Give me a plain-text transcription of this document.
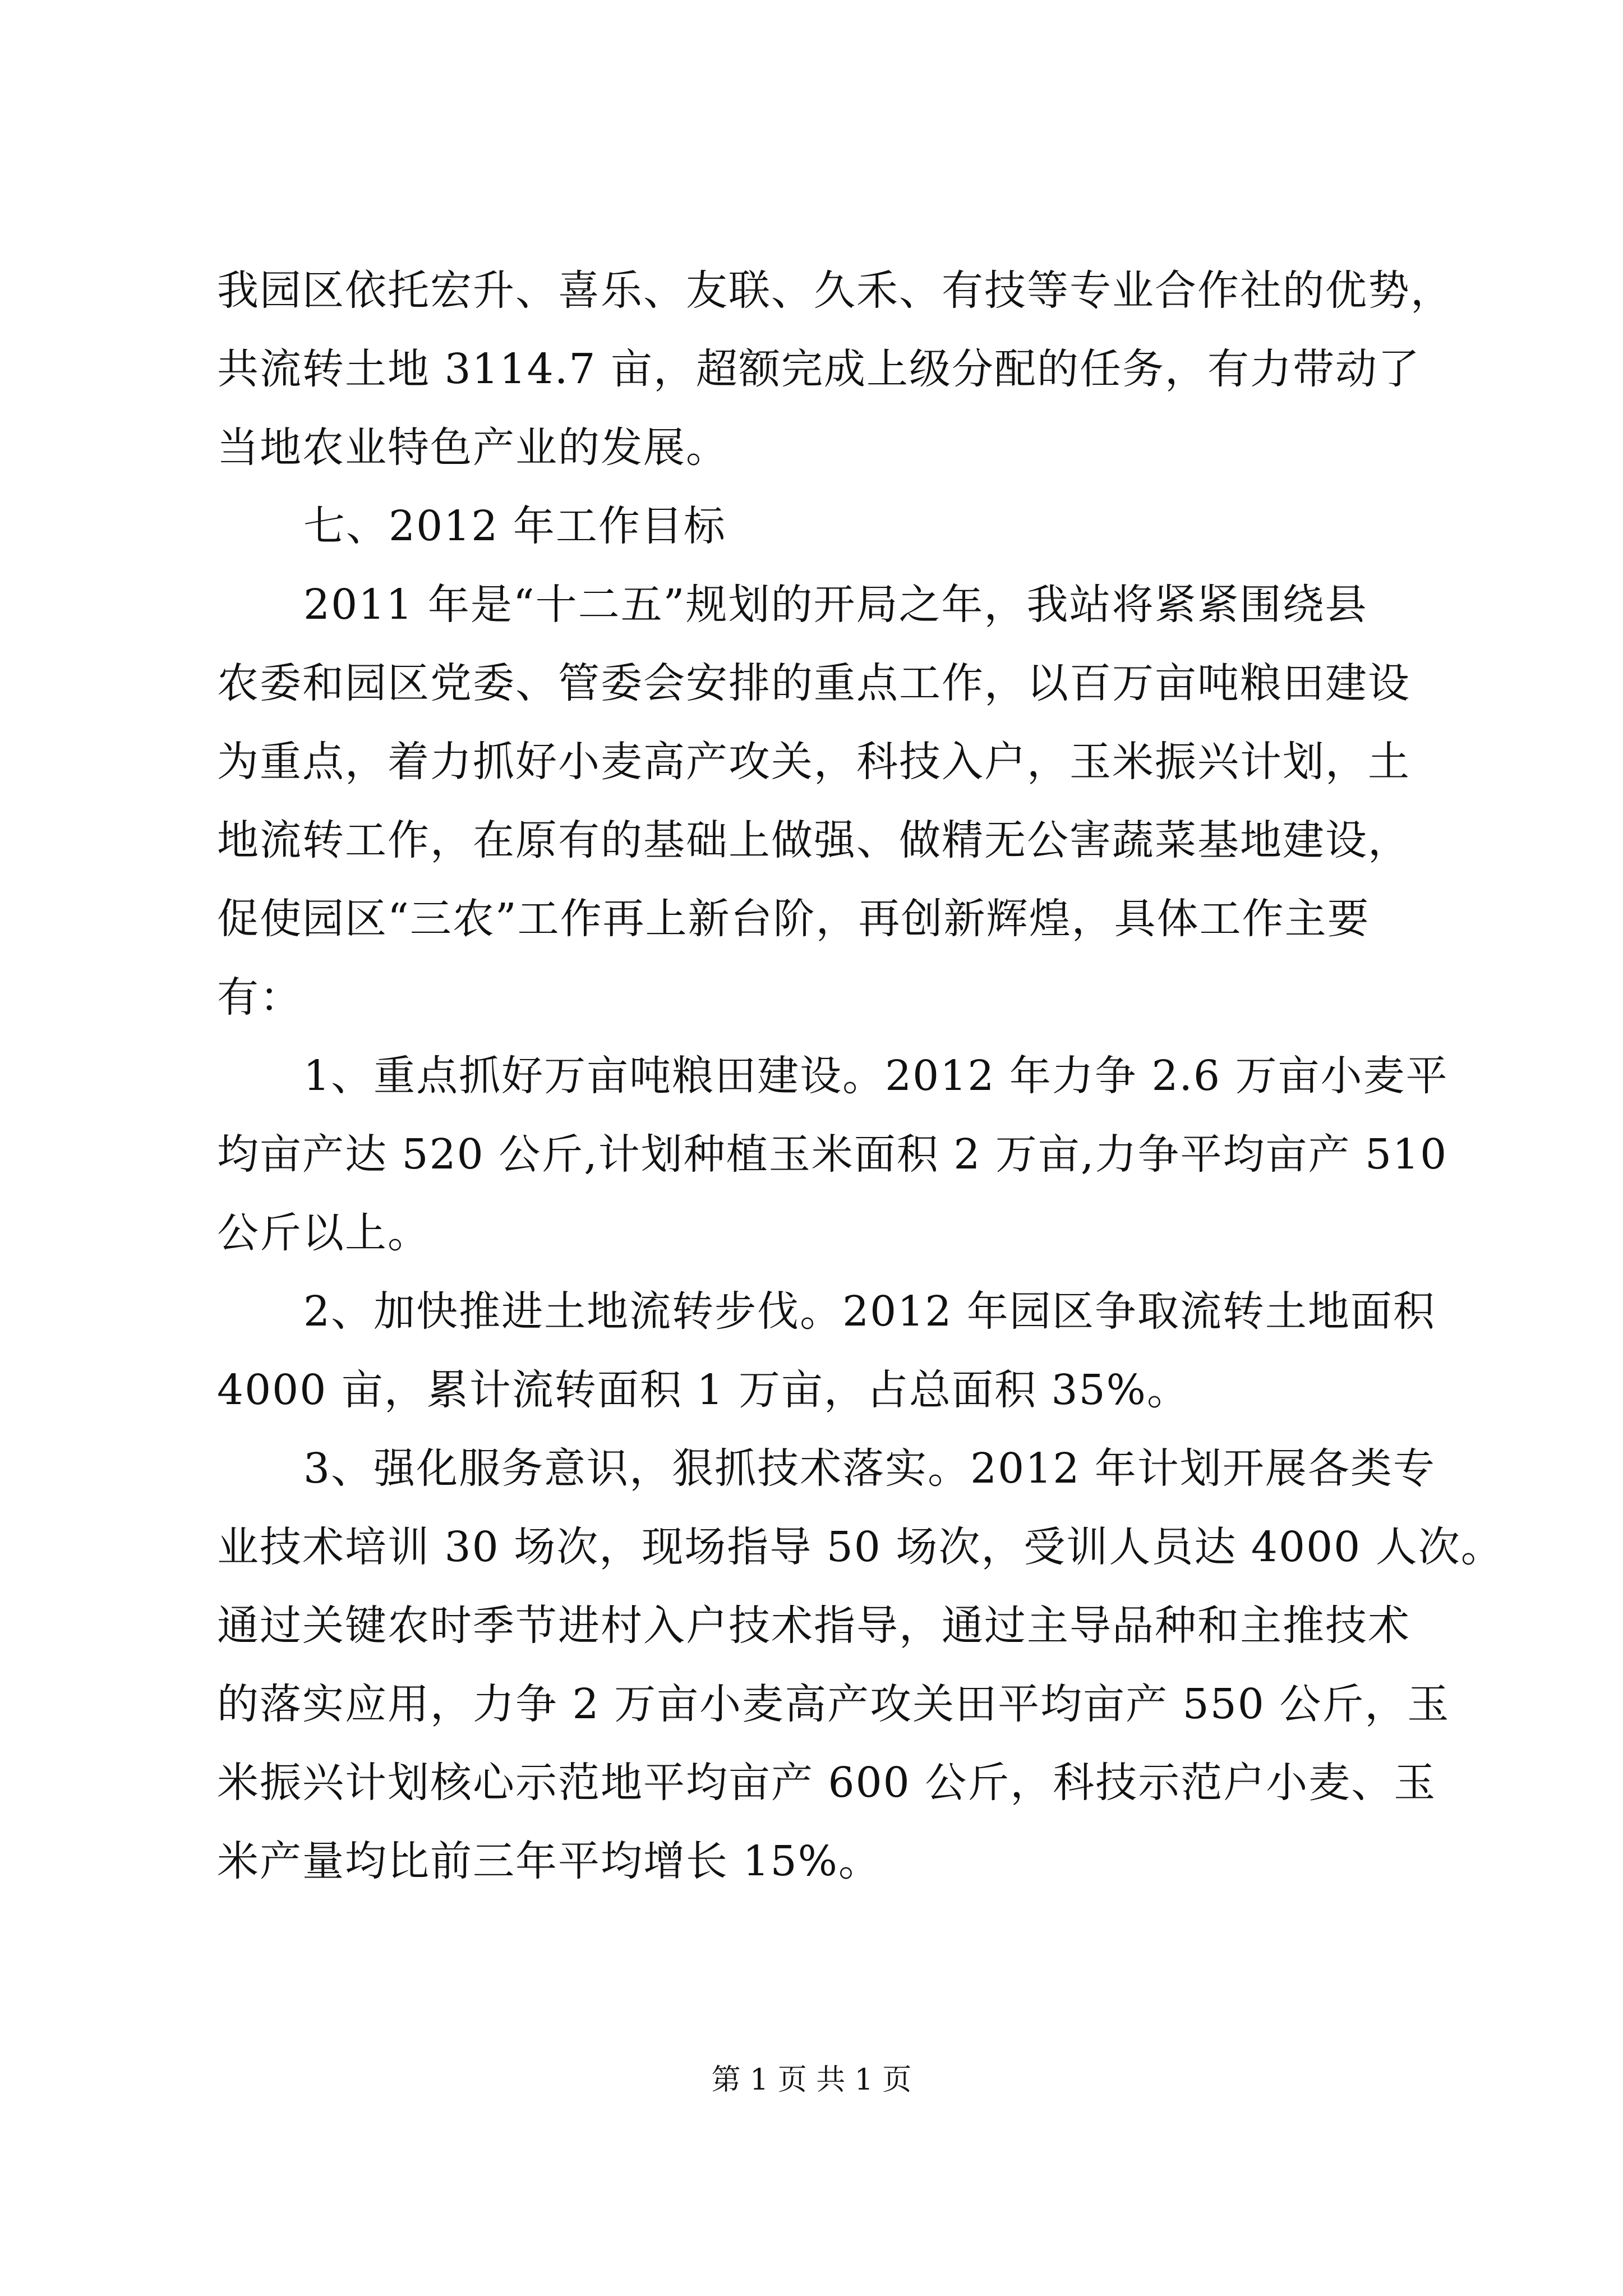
我园区依托宏升、喜乐、友联、久禾、有技等专业合作社的优势，
共流转土地 3114.7 亩，超额完成上级分配的任务，有力带动了
当地农业特色产业的发展。
七、2012 年工作目标
2011 年是“十二五”规划的开局之年，我站将紧紧围绕县
农委和园区党委、管委会安排的重点工作，以百万亩吨粮田建设
为重点，着力抓好小麦高产攻关，科技入户，玉米振兴计划，土
地流转工作，在原有的基础上做强、做精无公害蔬菜基地建设，
促使园区“三农”工作再上新台阶，再创新辉煌，具体工作主要
有：
1、重点抓好万亩吨粮田建设。2012 年力争 2.6 万亩小麦平
均亩产达 520 公斤,计划种植玉米面积 2 万亩,力争平均亩产 510
公斤以上。
2、加快推进土地流转步伐。2012 年园区争取流转土地面积
4000 亩，累计流转面积 1 万亩，占总面积 35%。
3、强化服务意识，狠抓技术落实。2012 年计划开展各类专
业技术培训 30 场次，现场指导 50 场次，受训人员达 4000 人次。
通过关键农时季节进村入户技术指导，通过主导品种和主推技术
的落实应用，力争 2 万亩小麦高产攻关田平均亩产 550 公斤，玉
米振兴计划核心示范地平均亩产 600 公斤，科技示范户小麦、玉
米产量均比前三年平均增长 15%。
第 1 页 共 1 页
